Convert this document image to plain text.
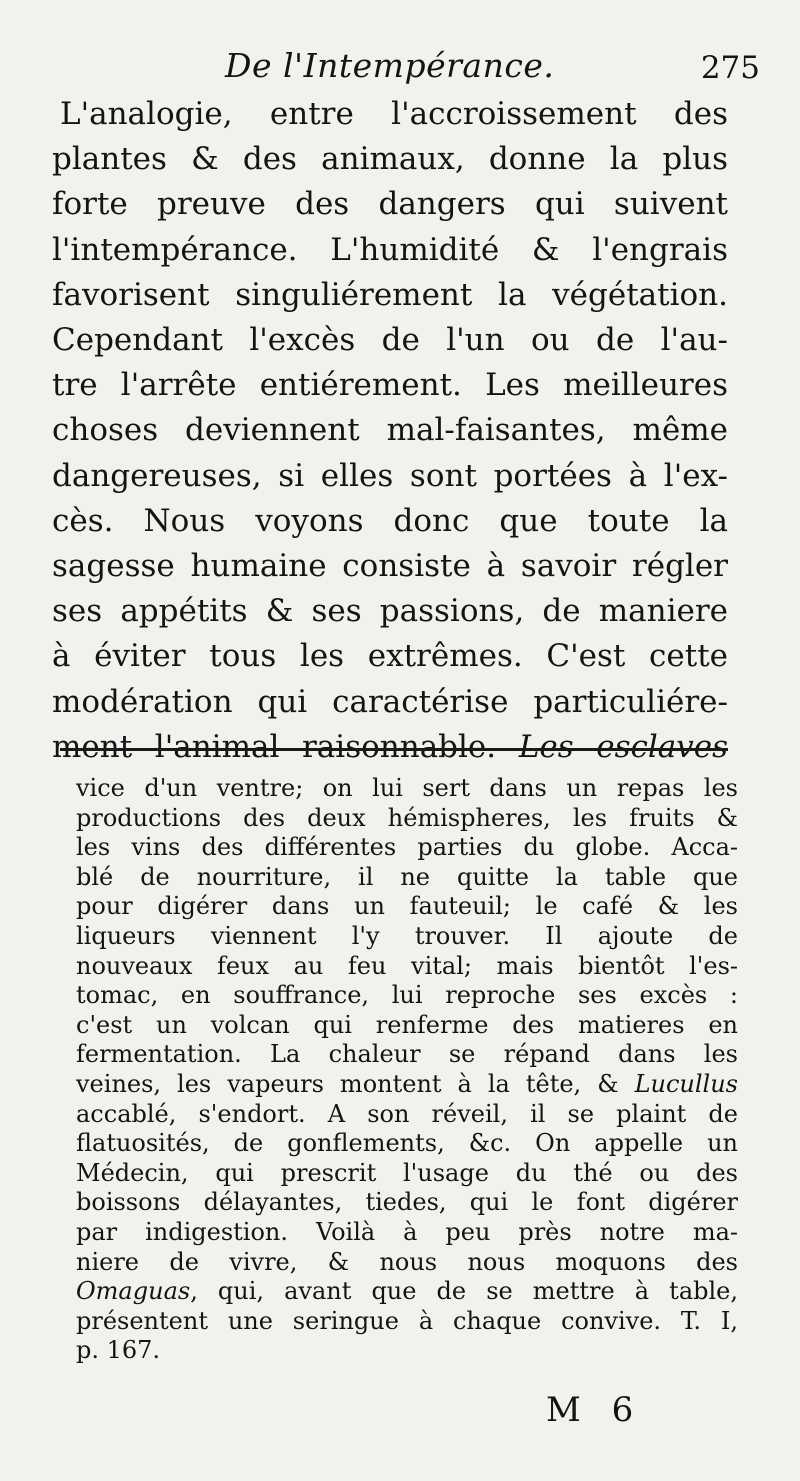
De l'Intempérance.	275
L'analogie, entre l'accroissement des
plantes & des animaux, donne la plus
forte preuve des dangers qui suivent
l'intempérance. L'humidité & l'engrais
favorisent singuliérement la végétation.
Cependant l'excès de l'un ou de l'au-
tre l'arrête entiérement. Les meilleures
choses deviennent mal-faisantes, même
dangereuses, si elles sont portées à l'ex-
cès. Nous voyons donc que toute la
sagesse humaine consiste à savoir régler
ses appétits & ses passions, de maniere
à éviter tous les extrêmes. C'est cette
modération qui caractérise particuliére-
ment l'animal raisonnable. Les esclaves
vice d'un ventre; on lui sert dans un repas les
productions des deux hémispheres, les fruits &
les vins des différentes parties du globe. Acca-
blé de nourriture, il ne quitte la table que
pour digérer dans un fauteuil; le café & les
liqueurs viennent l'y trouver. Il ajoute de
nouveaux feux au feu vital; mais bientôt l'es-
tomac, en souffrance, lui reproche ses excès :
c'est un volcan qui renferme des matieres en
fermentation. La chaleur se répand dans les
veines, les vapeurs montent à la tête, & Lucullus
accablé, s'endort. A son réveil, il se plaint de
flatuosités, de gonflements, &c. On appelle un
Médecin, qui prescrit l'usage du thé ou des
boissons délayantes, tiedes, qui le font digérer
par indigestion. Voilà à peu près notre ma-
niere de vivre, & nous nous moquons des
Omaguas, qui, avant que de se mettre à table,
présentent une seringue à chaque convive. T. I,
p. 167.
M 6
